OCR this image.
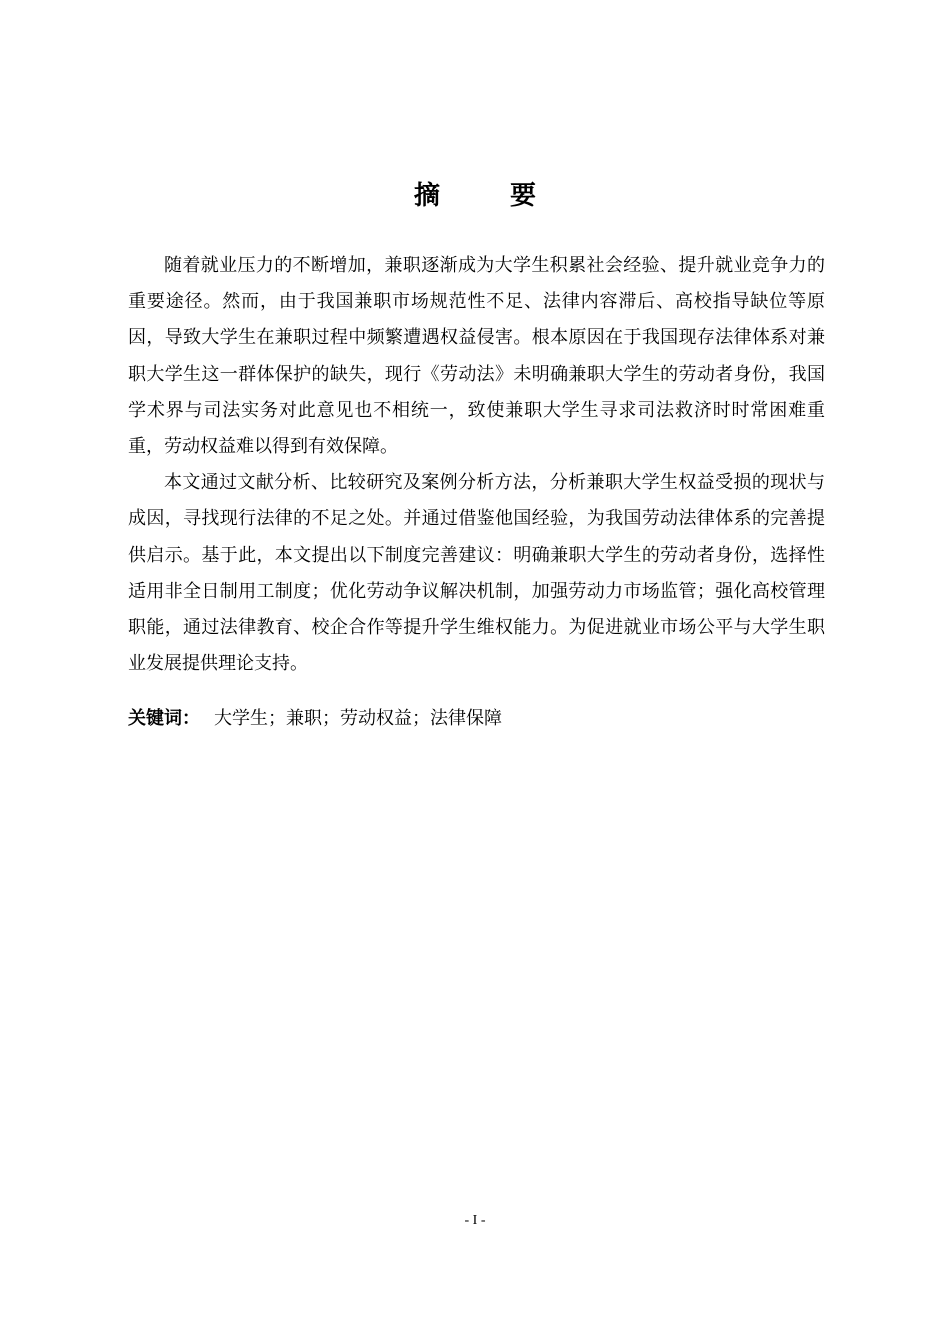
摘　要

随着就业压力的不断增加，兼职逐渐成为大学生积累社会经验、提升就业竞争力的重要途径。然而，由于我国兼职市场规范性不足、法律内容滞后、高校指导缺位等原因，导致大学生在兼职过程中频繁遭遇权益侵害。根本原因在于我国现存法律体系对兼职大学生这一群体保护的缺失，现行《劳动法》未明确兼职大学生的劳动者身份，我国学术界与司法实务对此意见也不相统一，致使兼职大学生寻求司法救济时时常困难重重，劳动权益难以得到有效保障。

本文通过文献分析、比较研究及案例分析方法，分析兼职大学生权益受损的现状与成因，寻找现行法律的不足之处。并通过借鉴他国经验，为我国劳动法律体系的完善提供启示。基于此，本文提出以下制度完善建议：明确兼职大学生的劳动者身份，选择性适用非全日制用工制度；优化劳动争议解决机制，加强劳动力市场监管；强化高校管理职能，通过法律教育、校企合作等提升学生维权能力。为促进就业市场公平与大学生职业发展提供理论支持。

关键词： 大学生；兼职；劳动权益；法律保障
- I -
